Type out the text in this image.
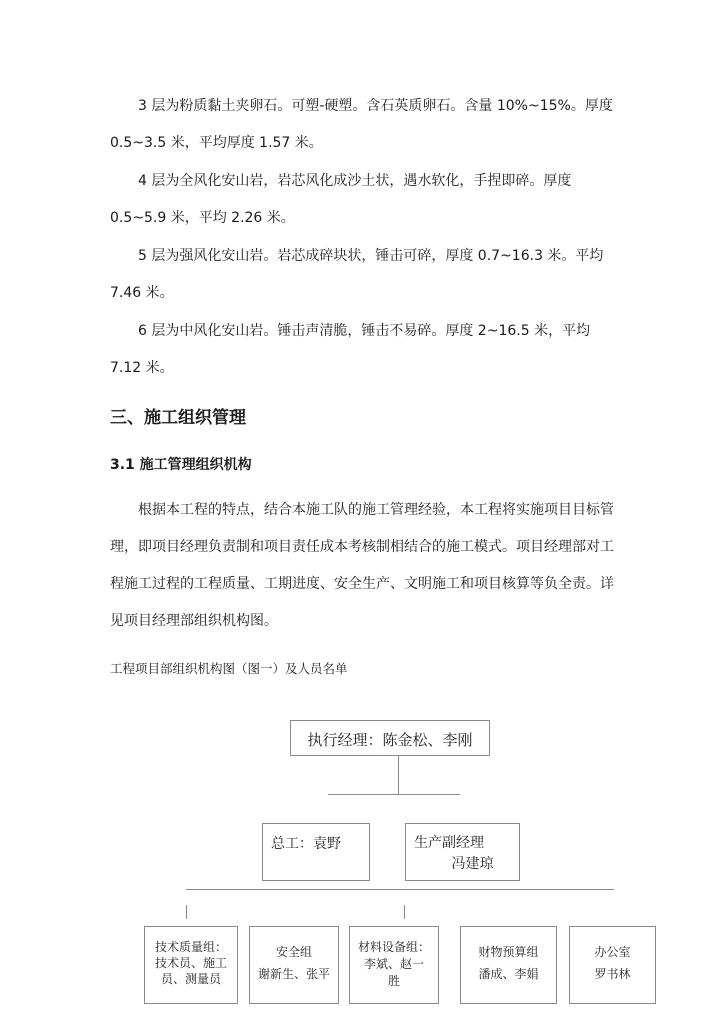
3 层为粉质黏土夹卵石。可塑-硬塑。含石英质卵石。含量 10%~15%。厚度 0.5~3.5 米，平均厚度 1.57 米。

4 层为全风化安山岩，岩芯风化成沙土状，遇水软化，手捏即碎。厚度 0.5~5.9 米，平均 2.26 米。

5 层为强风化安山岩。岩芯成碎块状，锤击可碎，厚度 0.7~16.3 米。平均 7.46 米。

6 层为中风化安山岩。锤击声清脆，锤击不易碎。厚度 2~16.5 米，平均 7.12 米。

三、施工组织管理
3.1 施工管理组织机构

根据本工程的特点，结合本施工队的施工管理经验，本工程将实施项目目标管理，即项目经理负责制和项目责任成本考核制相结合的施工模式。项目经理部对工程施工过程的工程质量、工期进度、安全生产、文明施工和项目核算等负全责。详见项目经理部组织机构图。

工程项目部组织机构图（图一）及人员名单

执行经理：陈金松、李刚
···
总工：袁野	生产副经理
冯建琼
技术质量组：
技术员、施工
员、测量员
安全组
谢新生、张平
材料设备组：
李斌、赵一
胜
财物预算组
潘成、李娟
办公室
罗书林
